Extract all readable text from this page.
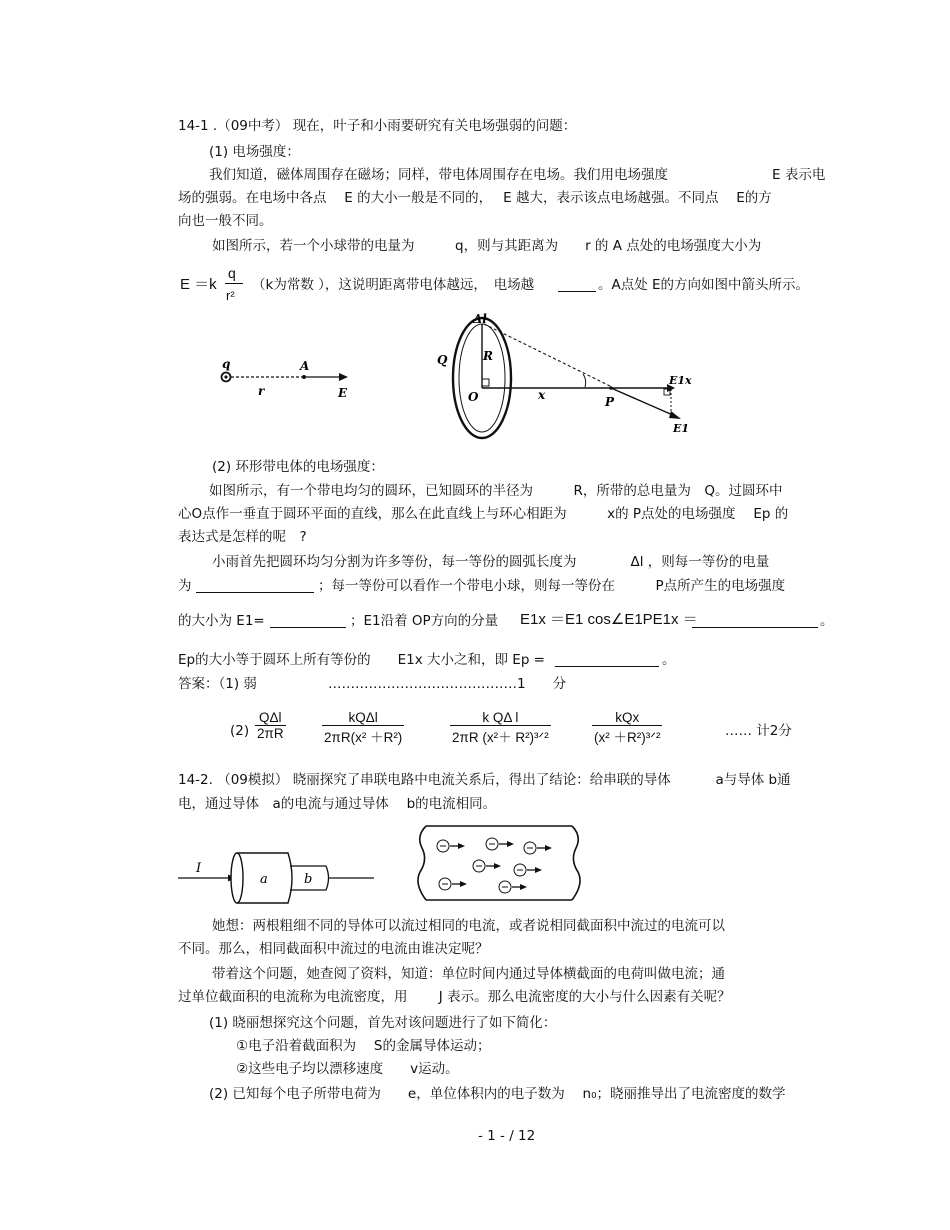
14-1 .（09中考） 现在，叶子和小雨要研究有关电场强弱的问题：
(1) 电场强度：
我们知道，磁体周围存在磁场；同样，带电体周围存在电场。我们用电场强度	E 表示电
场的强弱。在电场中各点　 E 的大小一般是不同的，　 E 越大，表示该点电场越强。不同点　 E的方
向也一般不同。
如图所示，若一个小球带的电量为　　　q，则与其距离为　　r 的 A 点处的电场强度大小为
E ＝k
q
r²
（k为常数 ），这说明距离带电体越远，　电场越	。A点处 E的方向如图中箭头所示。
q	A
r	E
Δl
Q	R
O	x	P
E1x
E1
(2) 环形带电体的电场强度：
如图所示，有一个带电均匀的圆环，已知圆环的半径为　　　R，所带的总电量为　Q。过圆环中
心O点作一垂直于圆环平面的直线，那么在此直线上与环心相距为　　　x的 P点处的电场强度　 Ep 的
表达式是怎样的呢　?
小雨首先把圆环均匀分割为许多等份，每一等份的圆弧长度为　　　　Δl ，则每一等份的电量
为	；每一等份可以看作一个带电小球，则每一等份在　　　P点所产生的电场强度
的大小为 E1=	；E1沿着 OP方向的分量 E1x ＝E1 cos∠E1PE1x ＝	。
Ep的大小等于圆环上所有等份的　　E1x 大小之和，即 Ep =	。
答案：（1) 弱	……………………………………1　　分
(2)
QΔl
2πR
kQΔl
2πR(x² ＋R²)
k QΔ l
2πR (x²＋ R²)³ᐟ²
kQx
(x² ＋R²)³ᐟ²	…… 计2分
14-2. （09模拟） 晓丽探究了串联电路中电流关系后，得出了结论：给串联的导体　　　 a与导体 b通
电，通过导体　a的电流与通过导体　 b的电流相同。
I
a	b
她想：两根粗细不同的导体可以流过相同的电流，或者说相同截面积中流过的电流可以
不同。那么，相同截面积中流过的电流由谁决定呢？
带着这个问题，她查阅了资料，知道：单位时间内通过导体横截面的电荷叫做电流；通
过单位截面积的电流称为电流密度，用　　 J 表示。那么电流密度的大小与什么因素有关呢？
(1) 晓丽想探究这个问题，首先对该问题进行了如下简化：
①电子沿着截面积为　 S的金属导体运动；
②这些电子均以漂移速度　　v运动。
(2) 已知每个电子所带电荷为　　e，单位体积内的电子数为　 n₀；晓丽推导出了电流密度的数学
- 1 - / 12
